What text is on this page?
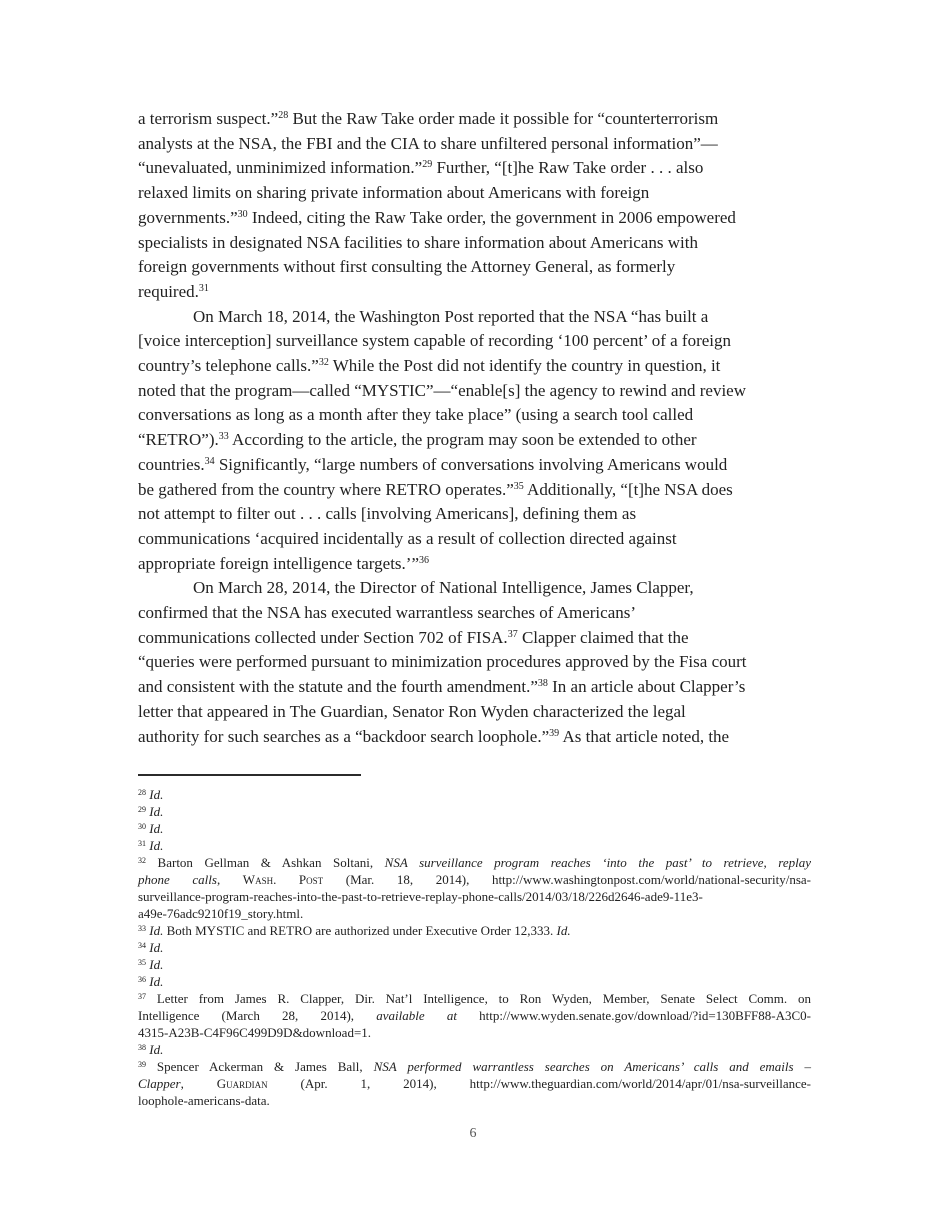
a terrorism suspect.”$^{28}$ But the Raw Take order made it possible for “counterterrorism
analysts at the NSA, the FBI and the CIA to share unfiltered personal information”—
“unevaluated, unminimized information.”$^{29}$ Further, “[t]he Raw Take order . . . also
relaxed limits on sharing private information about Americans with foreign
governments.”$^{30}$ Indeed, citing the Raw Take order, the government in 2006 empowered
specialists in designated NSA facilities to share information about Americans with
foreign governments without first consulting the Attorney General, as formerly
required.$^{31}$
On March 18, 2014, the Washington Post reported that the NSA “has built a
[voice interception] surveillance system capable of recording ‘100 percent’ of a foreign
country’s telephone calls.”$^{32}$ While the Post did not identify the country in question, it
noted that the program—called “MYSTIC”—“enable[s] the agency to rewind and review
conversations as long as a month after they take place” (using a search tool called
“RETRO”).$^{33}$ According to the article, the program may soon be extended to other
countries.$^{34}$ Significantly, “large numbers of conversations involving Americans would
be gathered from the country where RETRO operates.”$^{35}$ Additionally, “[t]he NSA does
not attempt to filter out . . . calls [involving Americans], defining them as
communications ‘acquired incidentally as a result of collection directed against
appropriate foreign intelligence targets.’”$^{36}$
On March 28, 2014, the Director of National Intelligence, James Clapper,
confirmed that the NSA has executed warrantless searches of Americans’
communications collected under Section 702 of FISA.$^{37}$ Clapper claimed that the
“queries were performed pursuant to minimization procedures approved by the Fisa court
and consistent with the statute and the fourth amendment.”$^{38}$ In an article about Clapper’s
letter that appeared in The Guardian, Senator Ron Wyden characterized the legal
authority for such searches as a “backdoor search loophole.”$^{39}$ As that article noted, the
$^{28}$ Id.
$^{29}$ Id.
$^{30}$ Id.
$^{31}$ Id.
$^{32}$ Barton Gellman & Ashkan Soltani, NSA surveillance program reaches ‘into the past’ to retrieve, replay
phone calls, Wash. Post (Mar. 18, 2014), http://www.washingtonpost.com/world/national-security/nsa-
surveillance-program-reaches-into-the-past-to-retrieve-replay-phone-calls/2014/03/18/226d2646-ade9-11e3-
a49e-76adc9210f19_story.html.
$^{33}$ Id. Both MYSTIC and RETRO are authorized under Executive Order 12,333. Id.
$^{34}$ Id.
$^{35}$ Id.
$^{36}$ Id.
$^{37}$ Letter from James R. Clapper, Dir. Nat’l Intelligence, to Ron Wyden, Member, Senate Select Comm. on
Intelligence (March 28, 2014), available at http://www.wyden.senate.gov/download/?id=130BFF88-A3C0-
4315-A23B-C4F96C499D9D&download=1.
$^{38}$ Id.
$^{39}$ Spencer Ackerman & James Ball, NSA performed warrantless searches on Americans’ calls and emails –
Clapper, Guardian (Apr. 1, 2014), http://www.theguardian.com/world/2014/apr/01/nsa-surveillance-
loophole-americans-data.
6
